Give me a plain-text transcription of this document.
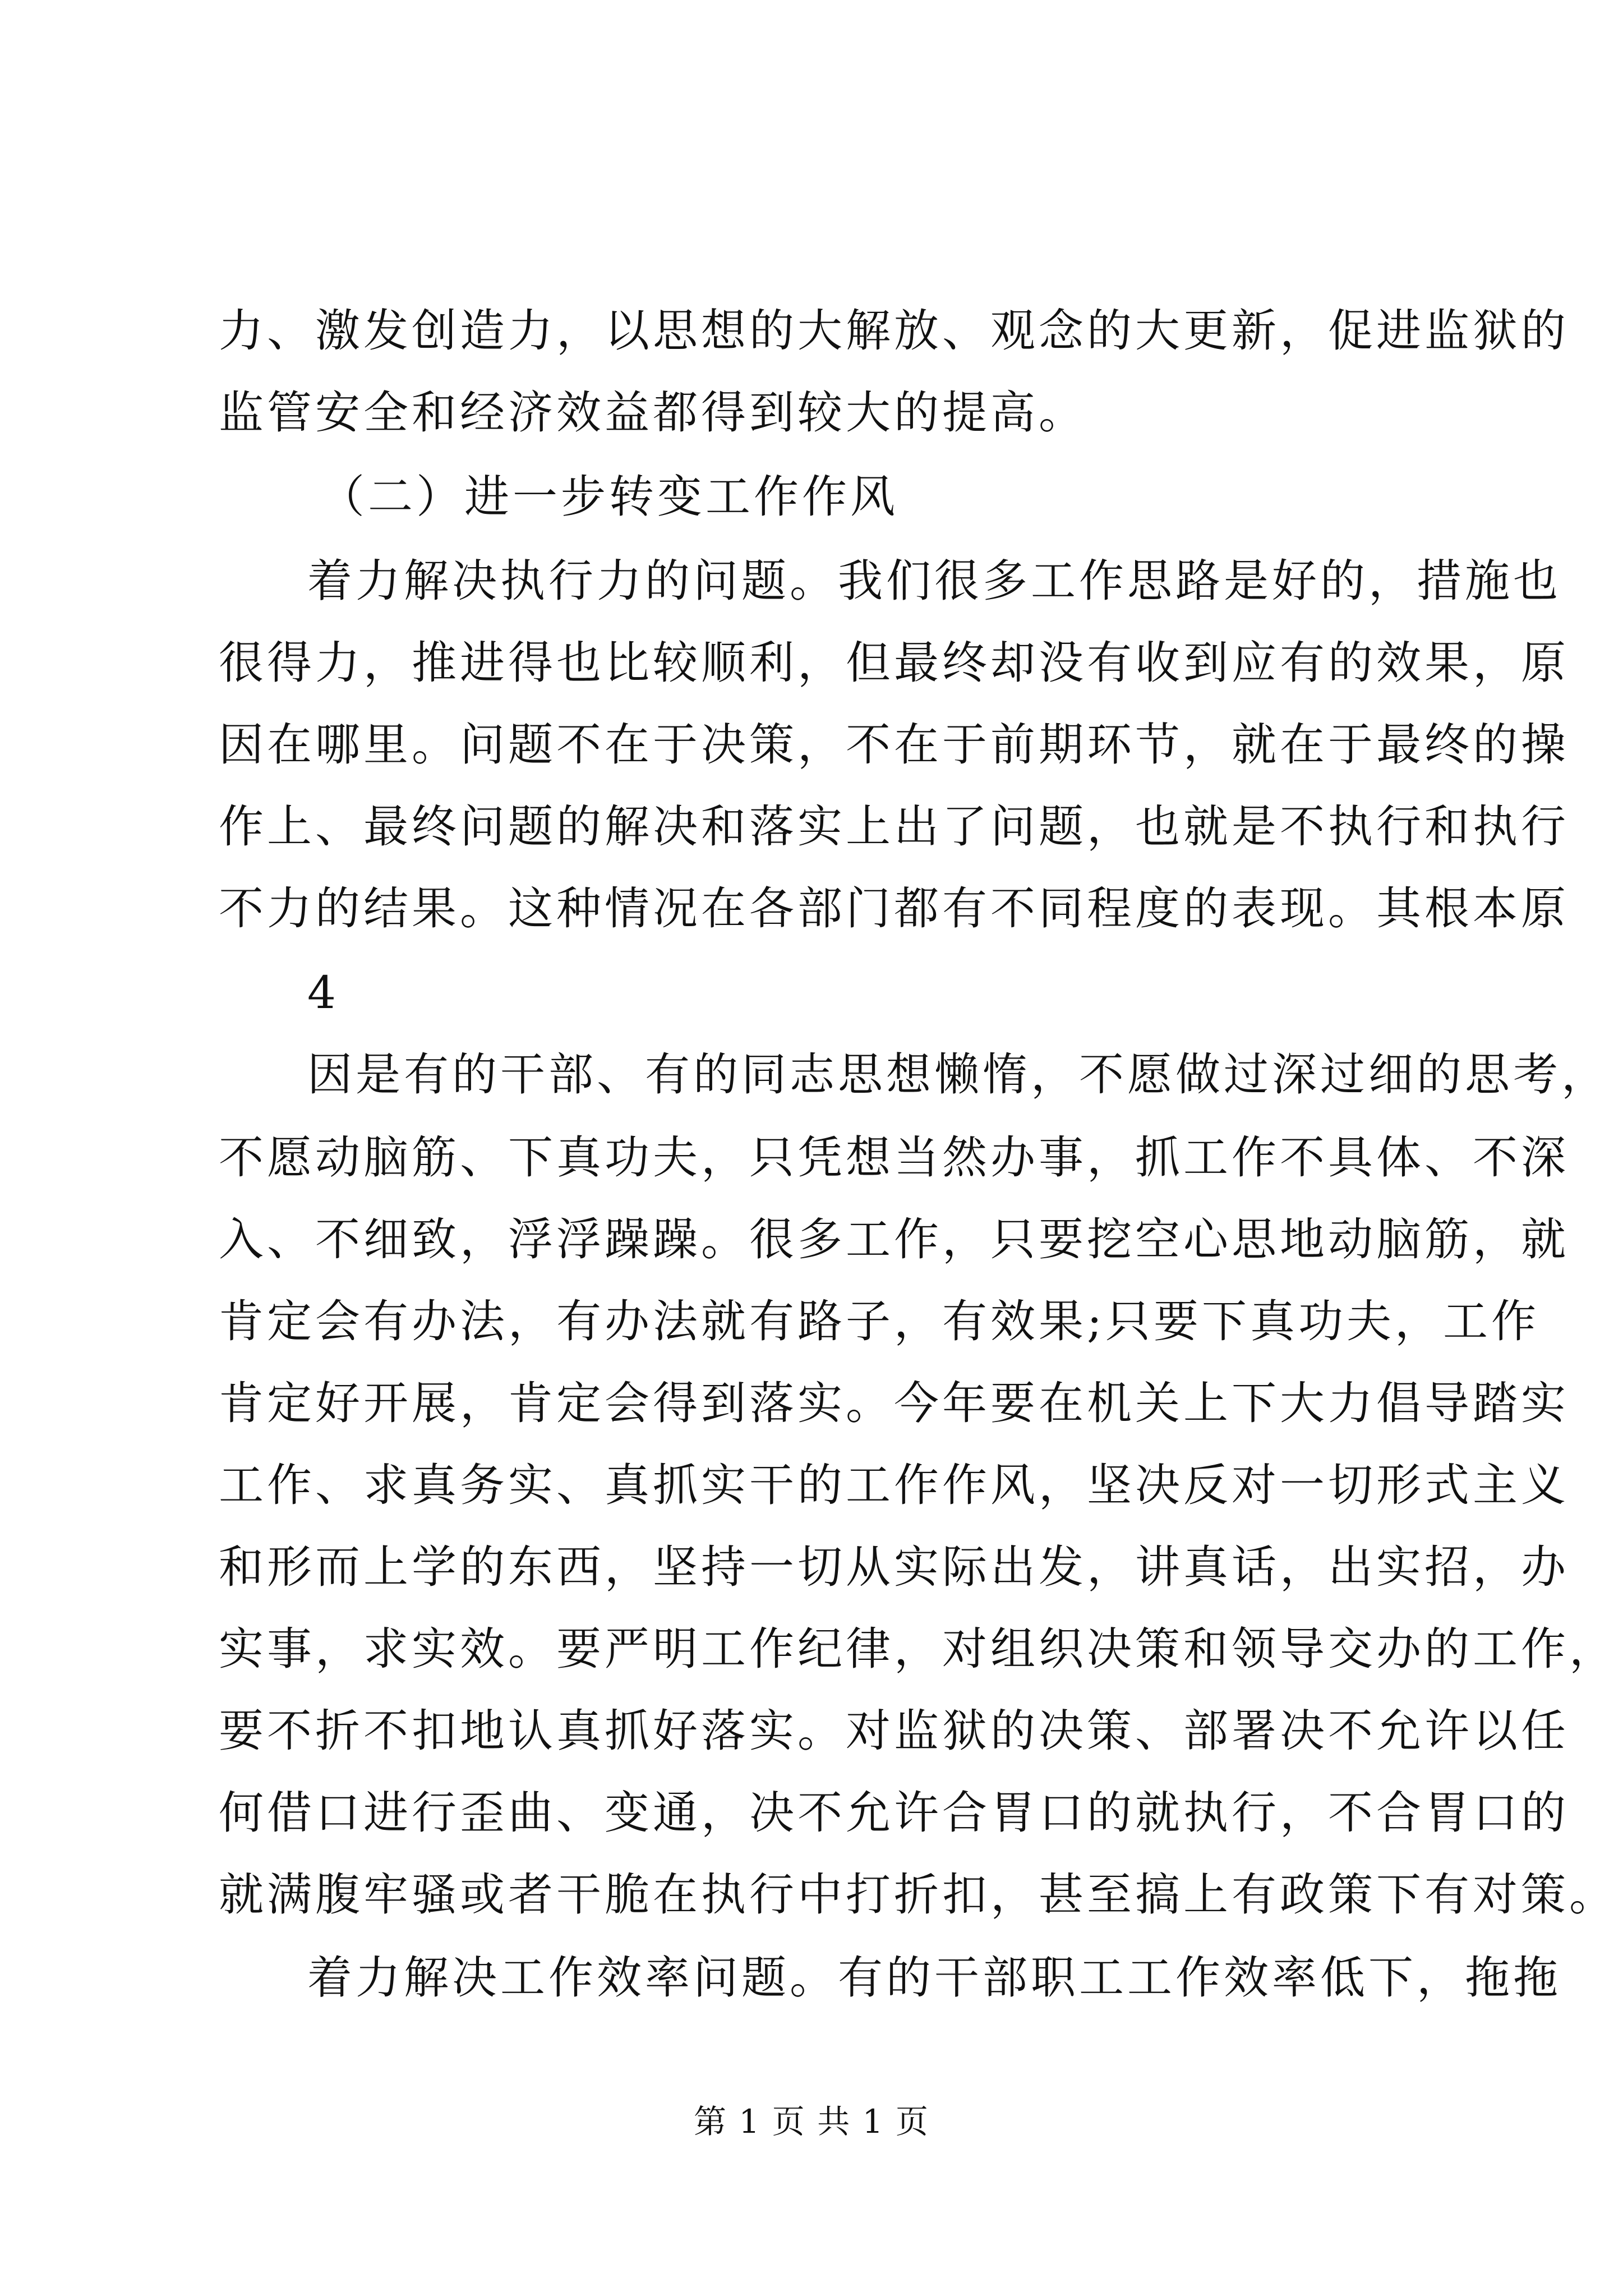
力、激发创造力，以思想的大解放、观念的大更新，促进监狱的
监管安全和经济效益都得到较大的提高。
（二）进一步转变工作作风
着力解决执行力的问题。我们很多工作思路是好的，措施也
很得力，推进得也比较顺利，但最终却没有收到应有的效果，原
因在哪里。问题不在于决策，不在于前期环节，就在于最终的操
作上、最终问题的解决和落实上出了问题，也就是不执行和执行
不力的结果。这种情况在各部门都有不同程度的表现。其根本原
4
因是有的干部、有的同志思想懒惰，不愿做过深过细的思考，
不愿动脑筋、下真功夫，只凭想当然办事，抓工作不具体、不深
入、不细致，浮浮躁躁。很多工作，只要挖空心思地动脑筋，就
肯定会有办法，有办法就有路子，有效果;只要下真功夫，工作
肯定好开展，肯定会得到落实。今年要在机关上下大力倡导踏实
工作、求真务实、真抓实干的工作作风，坚决反对一切形式主义
和形而上学的东西，坚持一切从实际出发，讲真话，出实招，办
实事，求实效。要严明工作纪律，对组织决策和领导交办的工作，
要不折不扣地认真抓好落实。对监狱的决策、部署决不允许以任
何借口进行歪曲、变通，决不允许合胃口的就执行，不合胃口的
就满腹牢骚或者干脆在执行中打折扣，甚至搞上有政策下有对策。
着力解决工作效率问题。有的干部职工工作效率低下，拖拖
第 1 页 共 1 页
